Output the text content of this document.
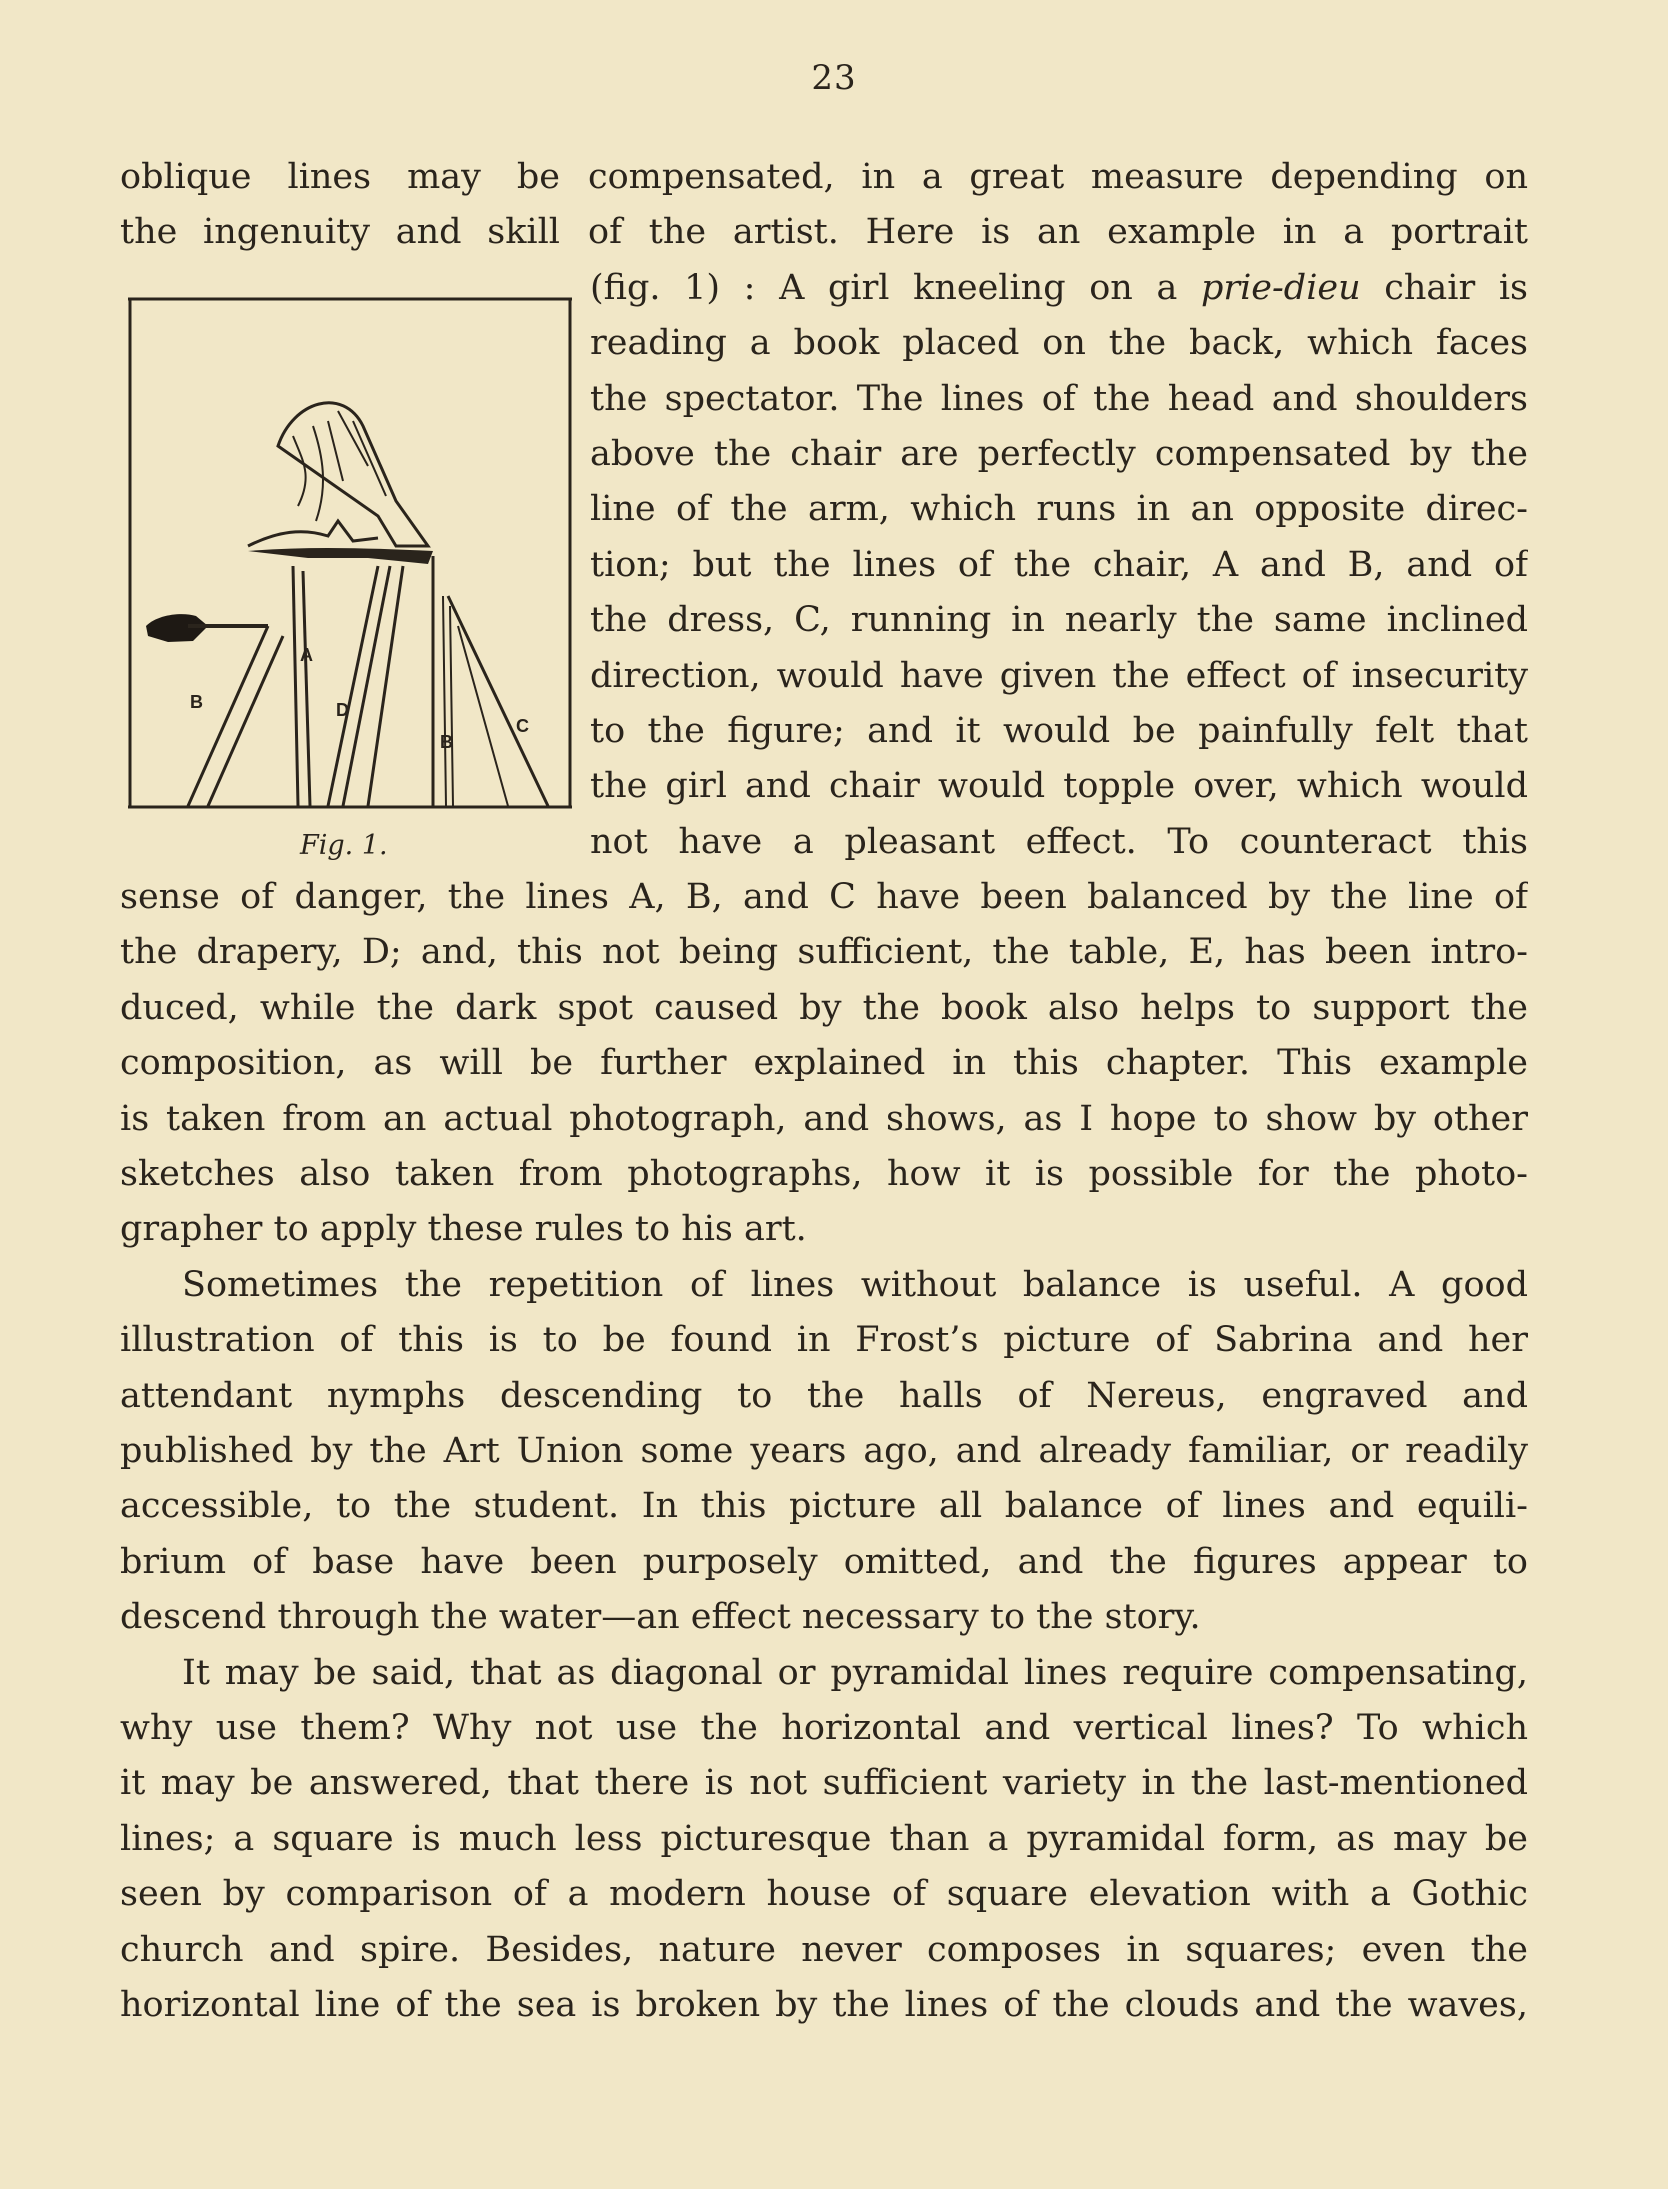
23
A
B	D
B
C
Fig. 1.
oblique lines may be compensated, in a great measure depending on
the ingenuity and skill of the artist. Here is an example in a portrait
(fig. 1) : A girl kneeling on a prie-dieu chair is
reading a book placed on the back, which faces
the spectator. The lines of the head and shoulders
above the chair are perfectly compensated by the
line of the arm, which runs in an opposite direc-
tion; but the lines of the chair, A and B, and of
the dress, C, running in nearly the same inclined
direction, would have given the effect of insecurity
to the figure; and it would be painfully felt that
the girl and chair would topple over, which would
not have a pleasant effect. To counteract this
sense of danger, the lines A, B, and C have been balanced by the line of
the drapery, D; and, this not being sufficient, the table, E, has been intro-
duced, while the dark spot caused by the book also helps to support the
composition, as will be further explained in this chapter. This example
is taken from an actual photograph, and shows, as I hope to show by other
sketches also taken from photographs, how it is possible for the photo-
grapher to apply these rules to his art.
Sometimes the repetition of lines without balance is useful. A good
illustration of this is to be found in Frost’s picture of Sabrina and her
attendant nymphs descending to the halls of Nereus, engraved and
published by the Art Union some years ago, and already familiar, or readily
accessible, to the student. In this picture all balance of lines and equili-
brium of base have been purposely omitted, and the figures appear to
descend through the water—an effect necessary to the story.
It may be said, that as diagonal or pyramidal lines require compensating,
why use them? Why not use the horizontal and vertical lines? To which
it may be answered, that there is not sufficient variety in the last-mentioned
lines; a square is much less picturesque than a pyramidal form, as may be
seen by comparison of a modern house of square elevation with a Gothic
church and spire. Besides, nature never composes in squares; even the
horizontal line of the sea is broken by the lines of the clouds and the waves,
